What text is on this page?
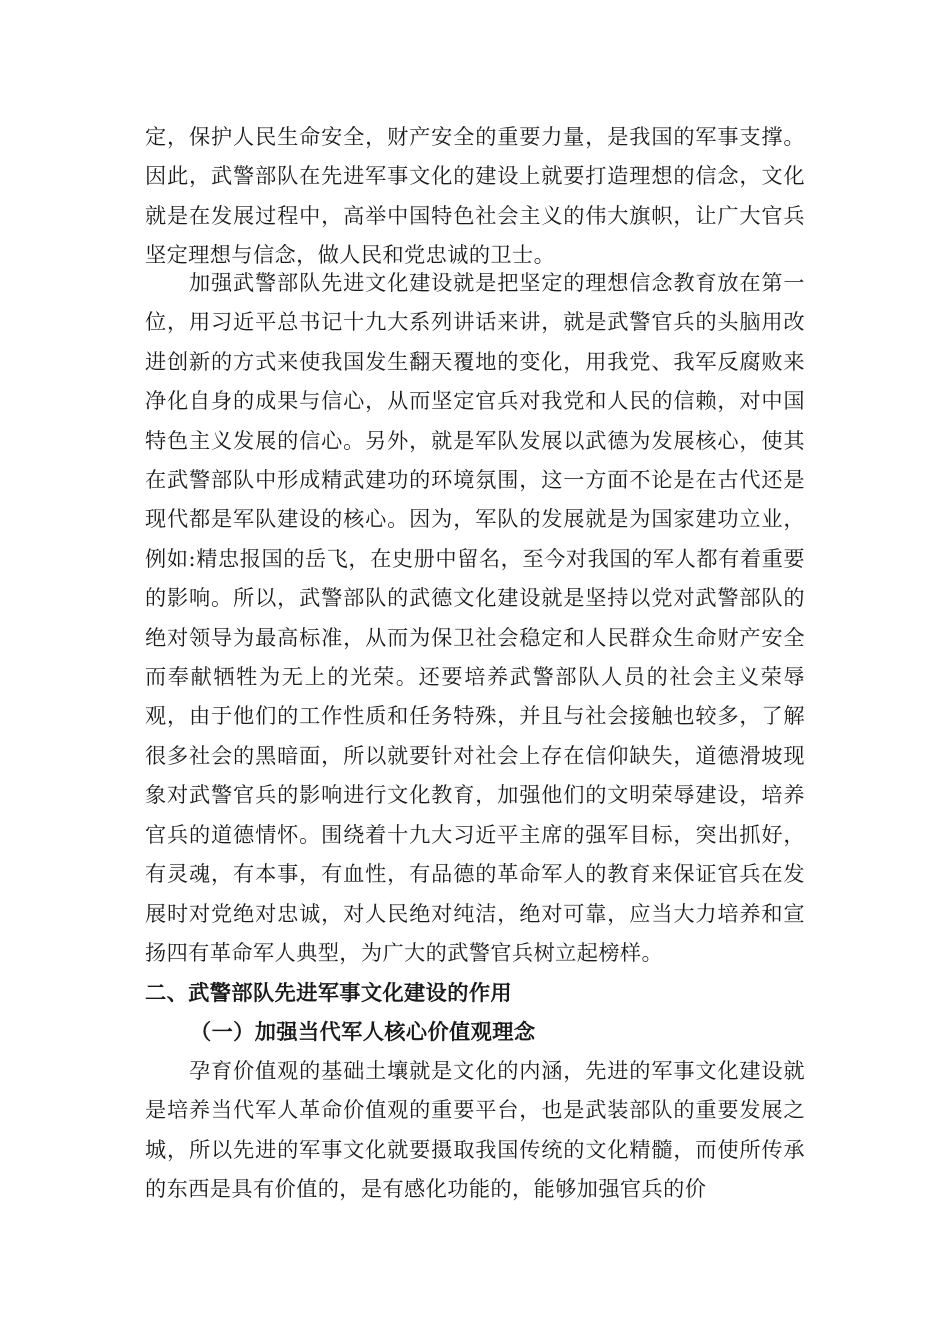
定，保护人民生命安全，财产安全的重要力量，是我国的军事支撑。因此，武警部队在先进军事文化的建设上就要打造理想的信念，文化就是在发展过程中，高举中国特色社会主义的伟大旗帜，让广大官兵坚定理想与信念，做人民和党忠诚的卫士。

加强武警部队先进文化建设就是把坚定的理想信念教育放在第一位，用习近平总书记十九大系列讲话来讲，就是武警官兵的头脑用改进创新的方式来使我国发生翻天覆地的变化，用我党、我军反腐败来净化自身的成果与信心，从而坚定官兵对我党和人民的信赖，对中国特色主义发展的信心。另外，就是军队发展以武德为发展核心，使其在武警部队中形成精武建功的环境氛围，这一方面不论是在古代还是现代都是军队建设的核心。因为，军队的发展就是为国家建功立业，例如:精忠报国的岳飞，在史册中留名，至今对我国的军人都有着重要的影响。所以，武警部队的武德文化建设就是坚持以党对武警部队的绝对领导为最高标准，从而为保卫社会稳定和人民群众生命财产安全而奉献牺牲为无上的光荣。还要培养武警部队人员的社会主义荣辱观，由于他们的工作性质和任务特殊，并且与社会接触也较多，了解很多社会的黑暗面，所以就要针对社会上存在信仰缺失，道德滑坡现象对武警官兵的影响进行文化教育，加强他们的文明荣辱建设，培养官兵的道德情怀。围绕着十九大习近平主席的强军目标，突出抓好，有灵魂，有本事，有血性，有品德的革命军人的教育来保证官兵在发展时对党绝对忠诚，对人民绝对纯洁，绝对可靠，应当大力培养和宣扬四有革命军人典型，为广大的武警官兵树立起榜样。

二、武警部队先进军事文化建设的作用

（一）加强当代军人核心价值观理念

孕育价值观的基础土壤就是文化的内涵，先进的军事文化建设就是培养当代军人革命价值观的重要平台，也是武装部队的重要发展之城，所以先进的军事文化就要摄取我国传统的文化精髓，而使所传承的东西是具有价值的，是有感化功能的，能够加强官兵的价
